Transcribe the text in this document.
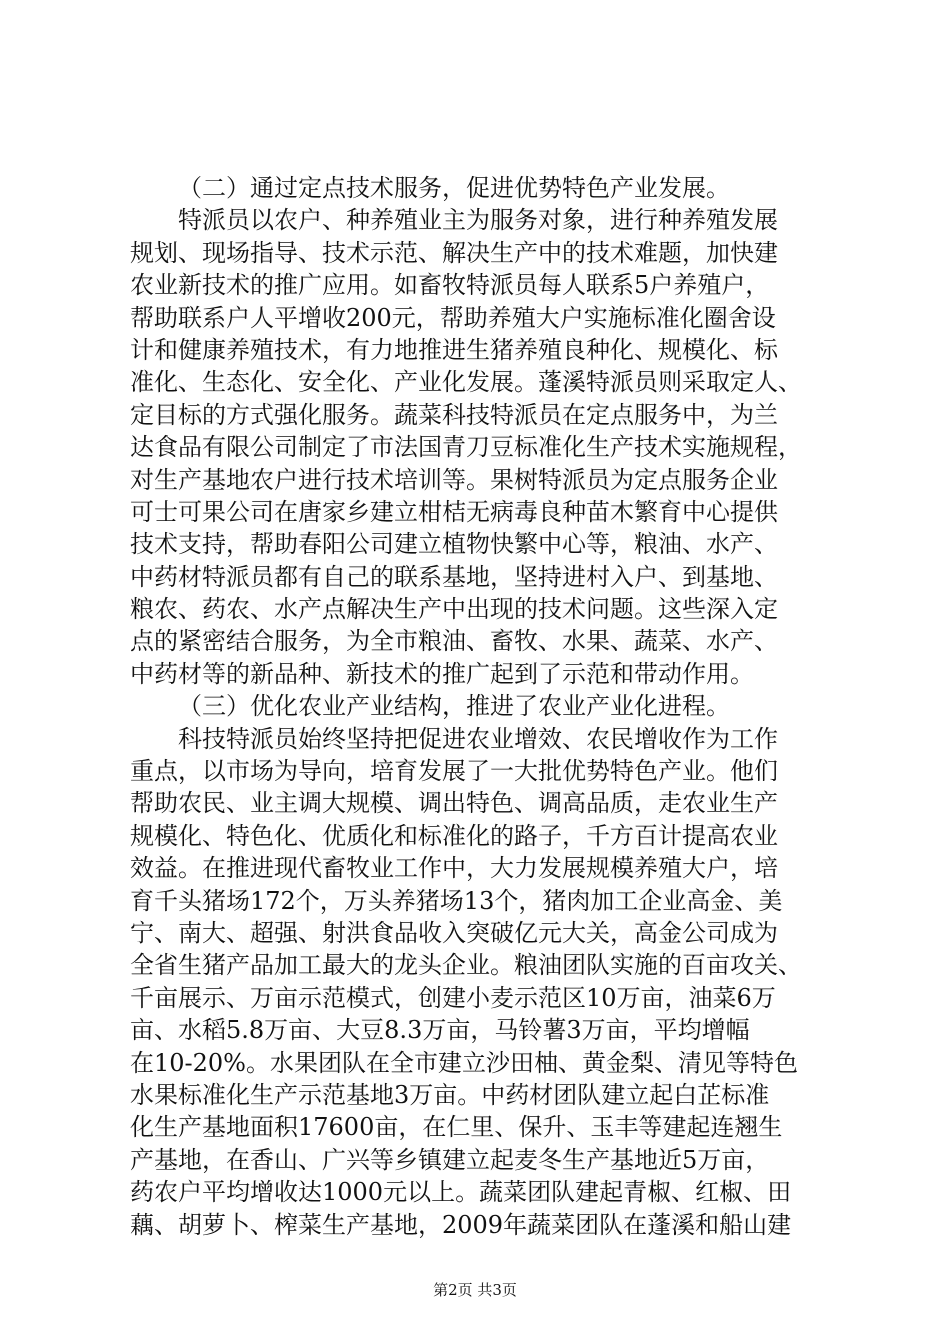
（二）通过定点技术服务，促进优势特色产业发展。
特派员以农户、种养殖业主为服务对象，进行种养殖发展
规划、现场指导、技术示范、解决生产中的技术难题，加快建
农业新技术的推广应用。如畜牧特派员每人联系5户养殖户，
帮助联系户人平增收200元，帮助养殖大户实施标准化圈舍设
计和健康养殖技术，有力地推进生猪养殖良种化、规模化、标
准化、生态化、安全化、产业化发展。蓬溪特派员则采取定人、
定目标的方式强化服务。蔬菜科技特派员在定点服务中，为兰
达食品有限公司制定了市法国青刀豆标准化生产技术实施规程，
对生产基地农户进行技术培训等。果树特派员为定点服务企业
可士可果公司在唐家乡建立柑桔无病毒良种苗木繁育中心提供
技术支持，帮助春阳公司建立植物快繁中心等，粮油、水产、
中药材特派员都有自己的联系基地，坚持进村入户、到基地、
粮农、药农、水产点解决生产中出现的技术问题。这些深入定
点的紧密结合服务，为全市粮油、畜牧、水果、蔬菜、水产、
中药材等的新品种、新技术的推广起到了示范和带动作用。
（三）优化农业产业结构，推进了农业产业化进程。
科技特派员始终坚持把促进农业增效、农民增收作为工作
重点，以市场为导向，培育发展了一大批优势特色产业。他们
帮助农民、业主调大规模、调出特色、调高品质，走农业生产
规模化、特色化、优质化和标准化的路子，千方百计提高农业
效益。在推进现代畜牧业工作中，大力发展规模养殖大户，培
育千头猪场172个，万头养猪场13个，猪肉加工企业高金、美
宁、南大、超强、射洪食品收入突破亿元大关，高金公司成为
全省生猪产品加工最大的龙头企业。粮油团队实施的百亩攻关、
千亩展示、万亩示范模式，创建小麦示范区10万亩，油菜6万
亩、水稻5.8万亩、大豆8.3万亩，马铃薯3万亩，平均增幅
在10-20%。水果团队在全市建立沙田柚、黄金梨、清见等特色
水果标准化生产示范基地3万亩。中药材团队建立起白芷标准
化生产基地面积17600亩，在仁里、保升、玉丰等建起连翘生
产基地，在香山、广兴等乡镇建立起麦冬生产基地近5万亩，
药农户平均增收达1000元以上。蔬菜团队建起青椒、红椒、田
藕、胡萝卜、榨菜生产基地，2009年蔬菜团队在蓬溪和船山建
第2页 共3页
